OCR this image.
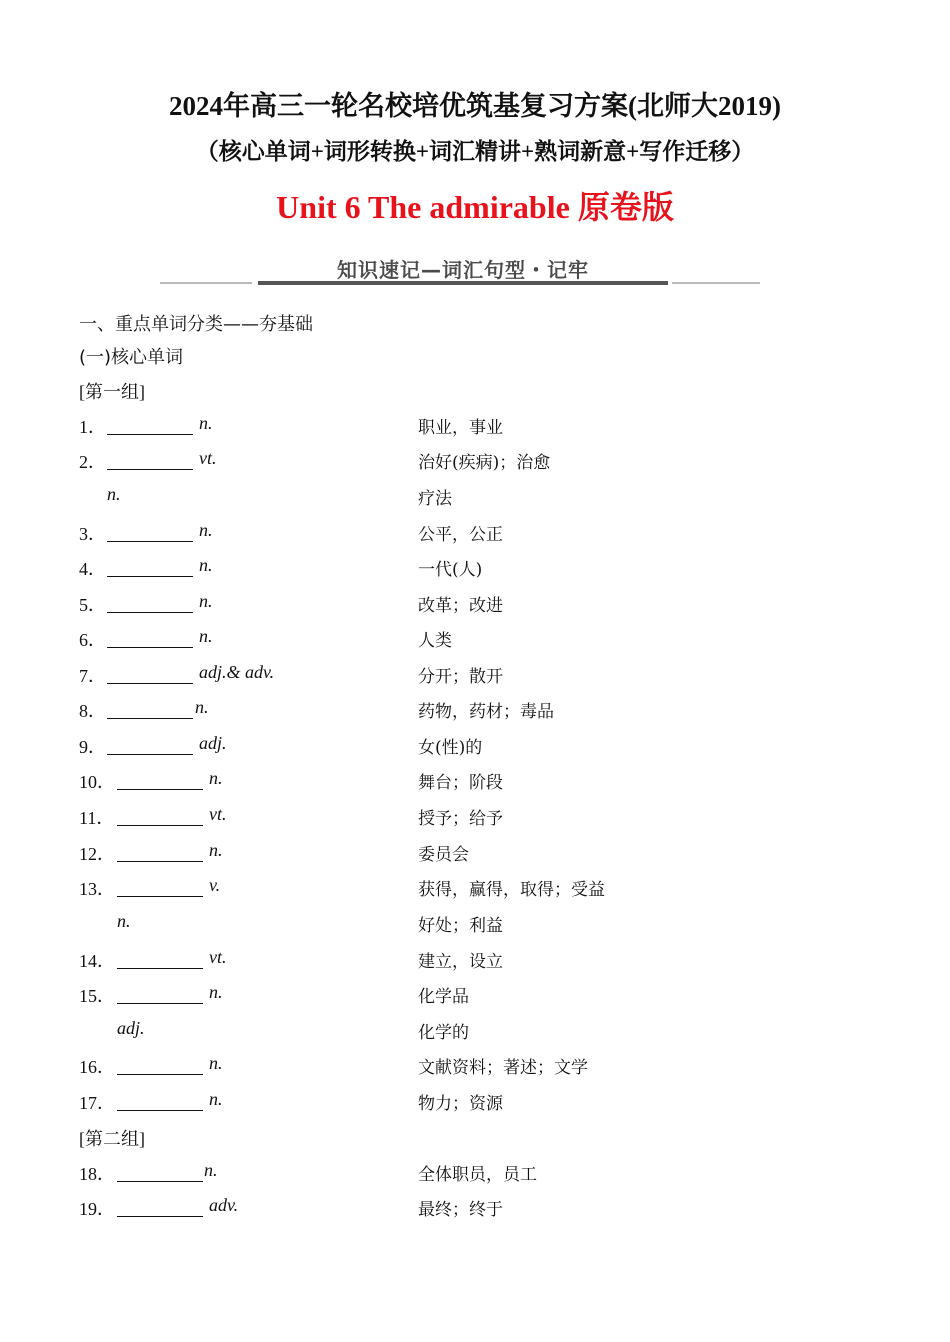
2024年高三一轮名校培优筑基复习方案(北师大2019)
（核心单词+词形转换+词汇精讲+熟词新意+写作迁移）
Unit 6 The admirable 原卷版
知识速记—词汇句型・记牢
一、重点单词分类——夯基础
(一)核心单词
[第一组]
1．	n.	职业，事业
2．	vt.	治好(疾病)；治愈
n.	疗法
3．	n.	公平，公正
4．	n.	一代(人)
5．	n.	改革；改进
6．	n.	人类
7．	adj.& adv.	分开；散开
8．	n.	药物，药材；毒品
9．	adj.	女(性)的
10．	n.	舞台；阶段
11．	vt.	授予；给予
12．	n.	委员会
13．	v.	获得，赢得，取得；受益
n.	好处；利益
14．	vt.	建立，设立
15．	n.	化学品
adj.	化学的
16．	n.	文献资料；著述；文学
17．	n.	物力；资源
[第二组]
18．	n.	全体职员，员工
19．	adv.	最终；终于
